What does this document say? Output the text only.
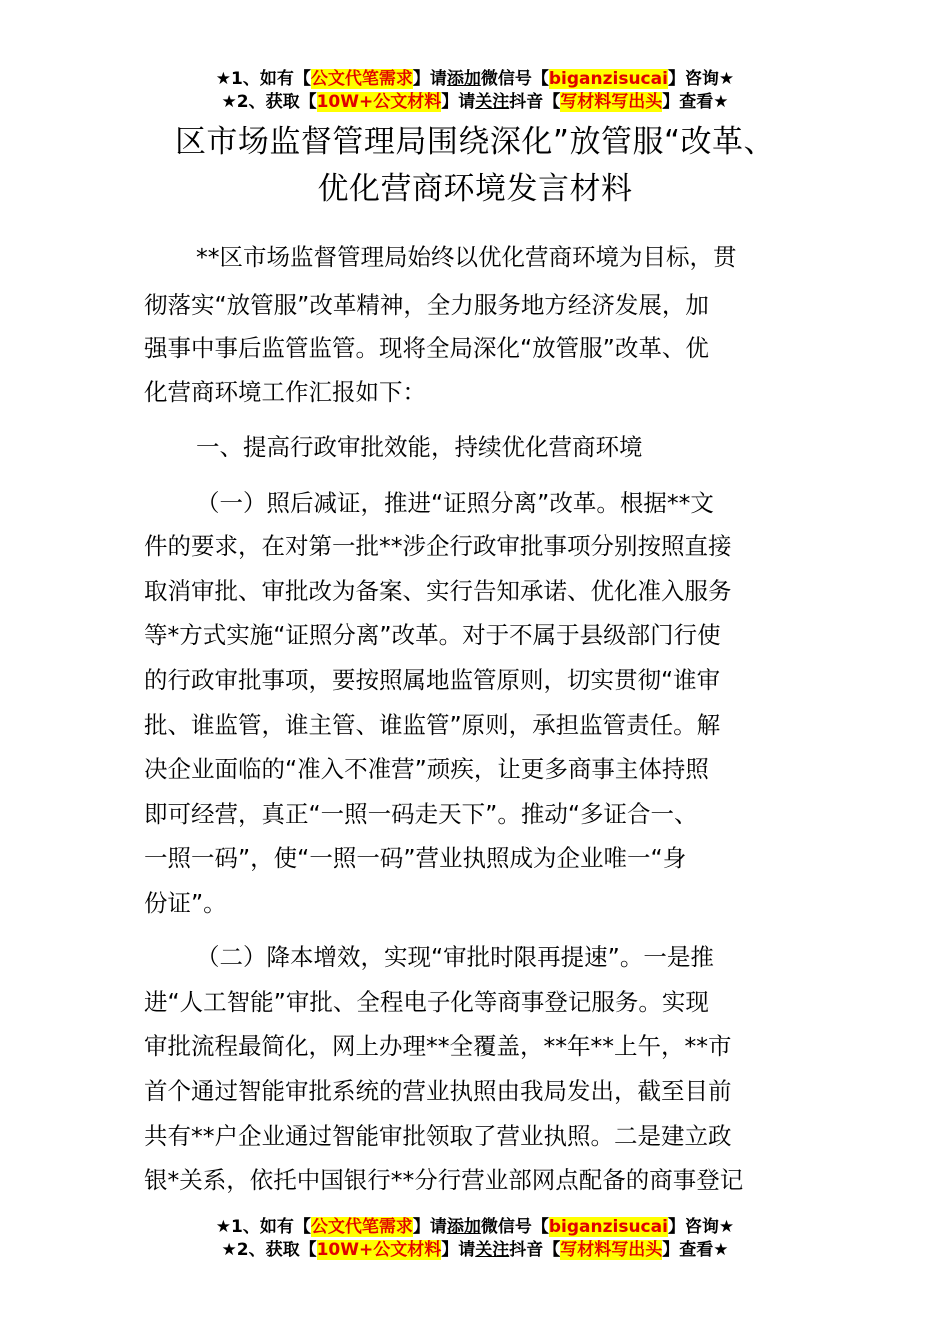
★1、如有【公文代笔需求】请添加微信号【biganzisucai】咨询★
★2、获取【10W+公文材料】请关注抖音【写材料写出头】查看★
区市场监督管理局围绕深化”放管服“改革、
优化营商环境发言材料
**区市场监督管理局始终以优化营商环境为目标，贯
彻落实“放管服”改革精神，全力服务地方经济发展，加
强事中事后监管监管。现将全局深化“放管服”改革、优
化营商环境工作汇报如下：
一、提高行政审批效能，持续优化营商环境
（一）照后减证，推进“证照分离”改革。根据**文
件的要求，在对第一批**涉企行政审批事项分别按照直接
取消审批、审批改为备案、实行告知承诺、优化准入服务
等*方式实施“证照分离”改革。对于不属于县级部门行使
的行政审批事项，要按照属地监管原则，切实贯彻“谁审
批、谁监管，谁主管、谁监管”原则，承担监管责任。解
决企业面临的“准入不准营”顽疾，让更多商事主体持照
即可经营，真正“一照一码走天下”。推动“多证合一、
一照一码”，使“一照一码”营业执照成为企业唯一“身
份证”。
（二）降本增效，实现“审批时限再提速”。一是推
进“人工智能”审批、全程电子化等商事登记服务。实现
审批流程最简化，网上办理**全覆盖，**年**上午，**市
首个通过智能审批系统的营业执照由我局发出，截至目前
共有**户企业通过智能审批领取了营业执照。二是建立政
银*关系，依托中国银行**分行营业部网点配备的商事登记
★1、如有【公文代笔需求】请添加微信号【biganzisucai】咨询★
★2、获取【10W+公文材料】请关注抖音【写材料写出头】查看★
